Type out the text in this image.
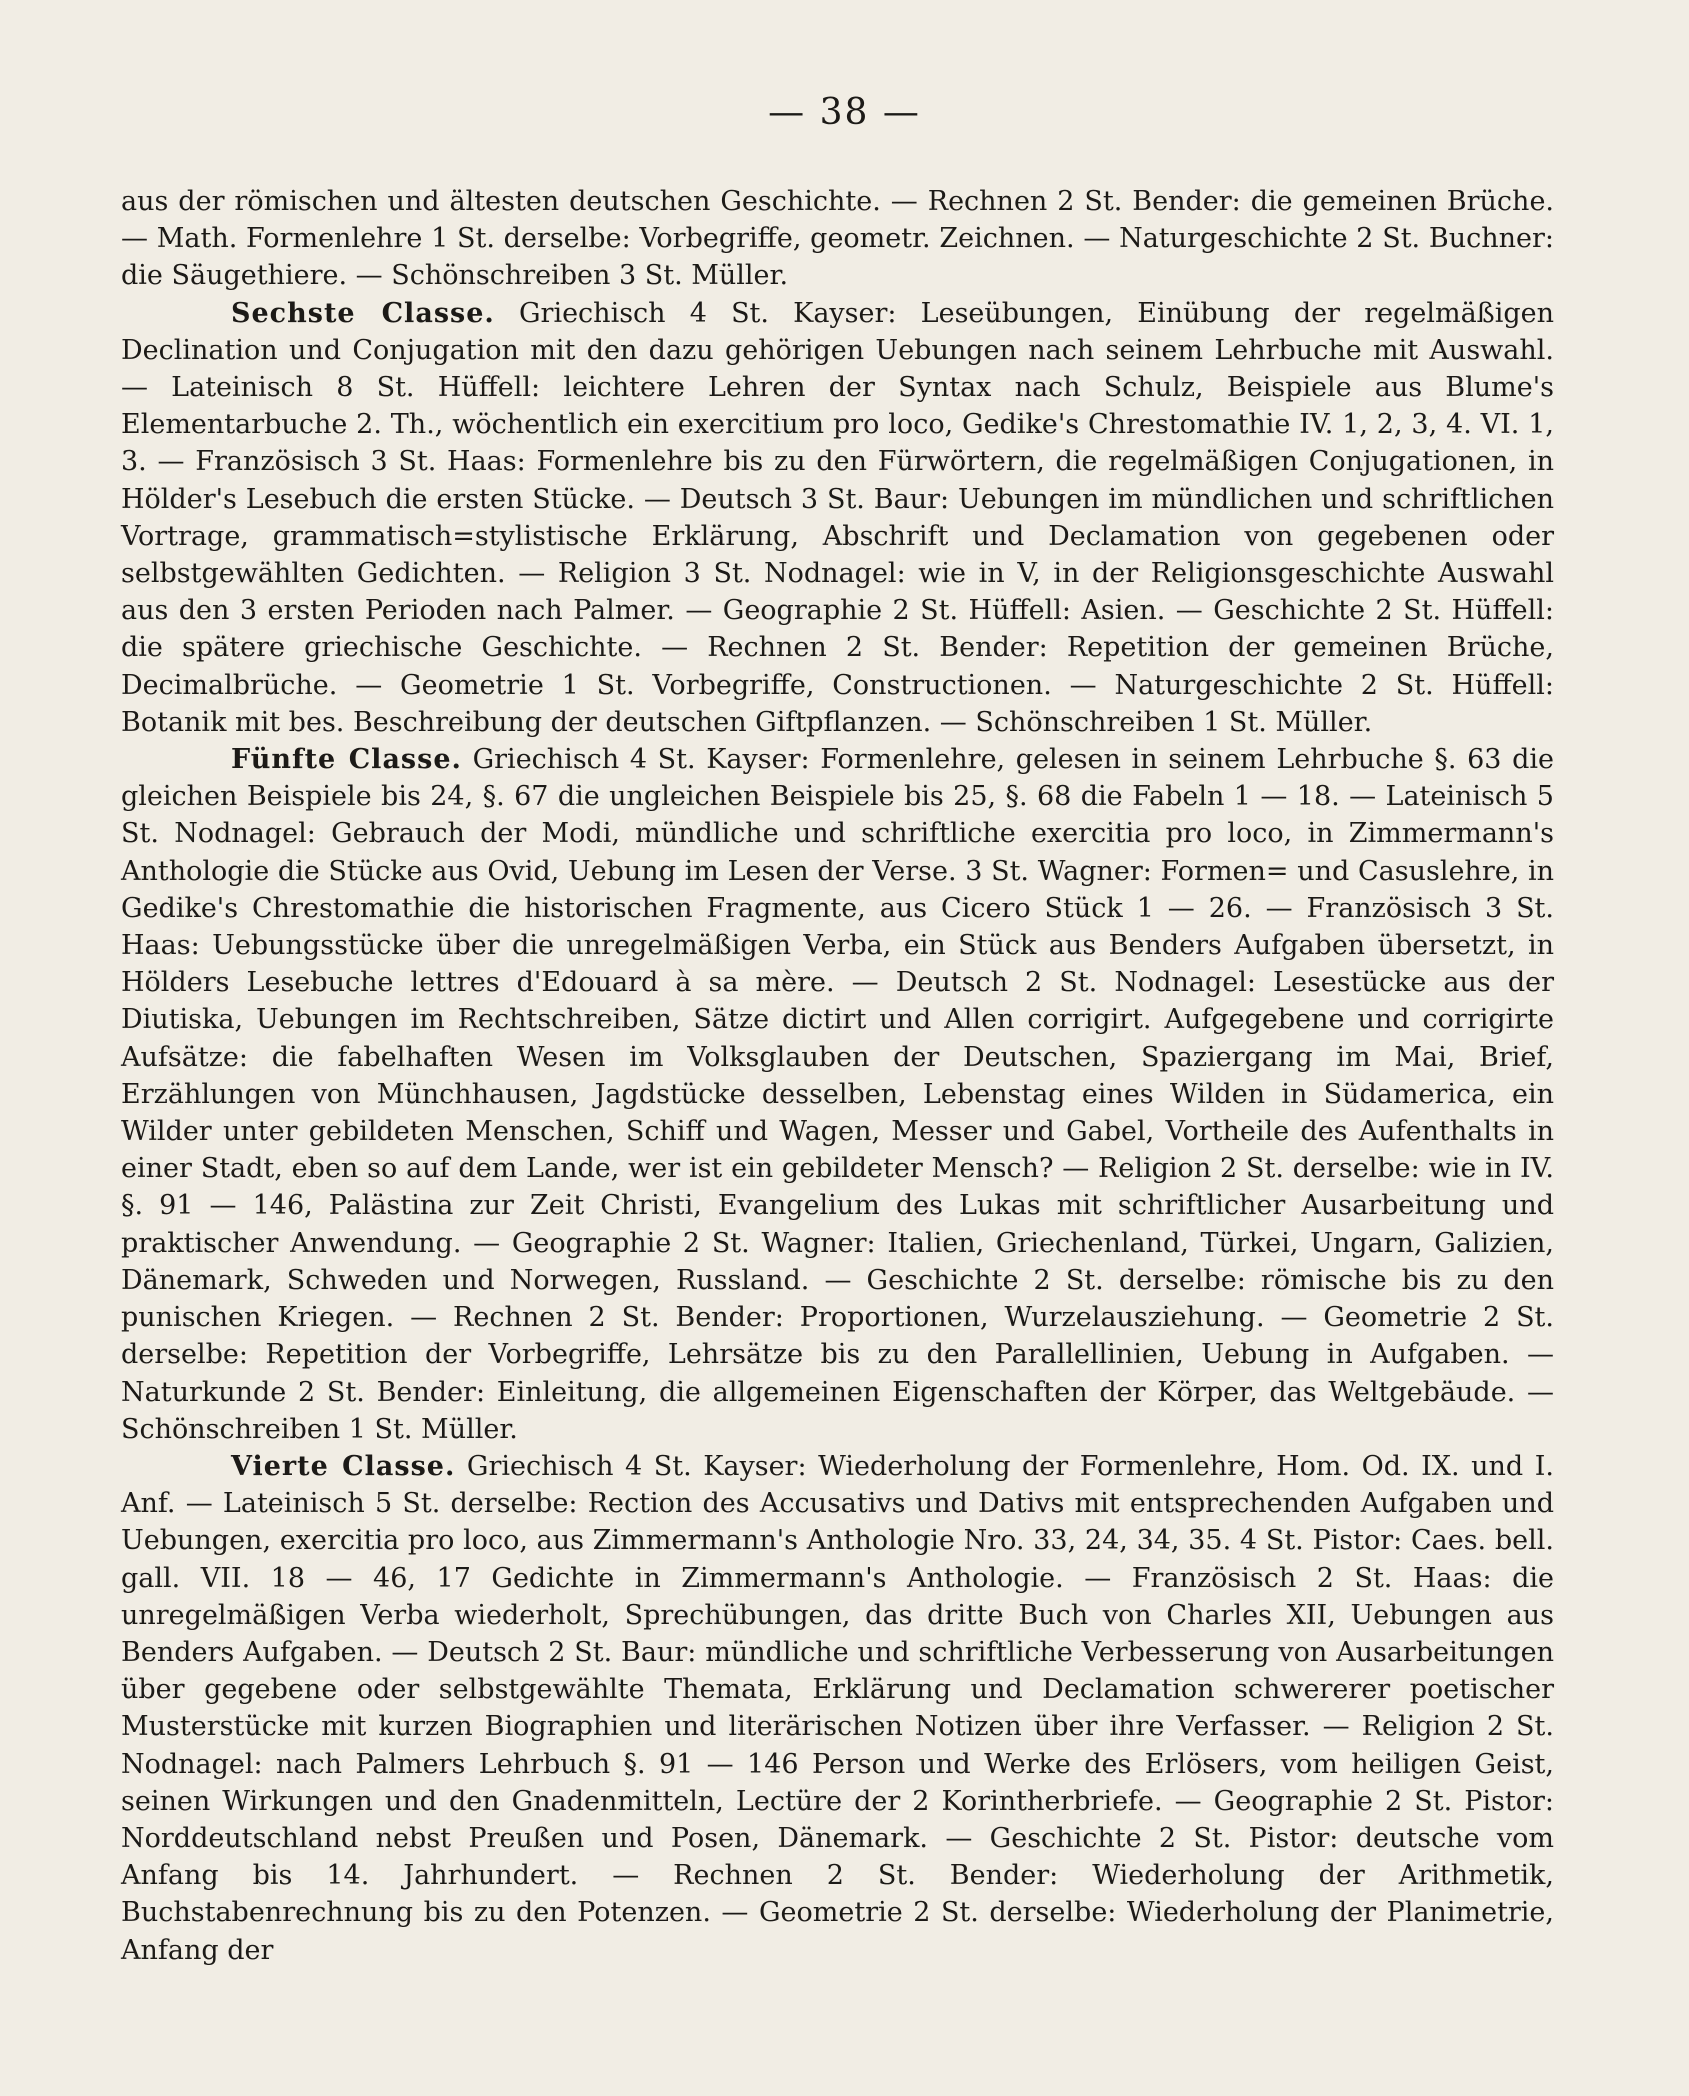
— 38 —

aus der römischen und ältesten deutschen Geschichte. — Rechnen 2 St. Bender: die gemeinen Brüche. — Math. Formenlehre 1 St. derselbe: Vorbegriffe, geometr. Zeichnen. — Naturgeschichte 2 St. Buchner: die Säugethiere. — Schönschreiben 3 St. Müller.

Sechste Classe. Griechisch 4 St. Kayser: Leseübungen, Einübung der regelmäßigen Declination und Conjugation mit den dazu gehörigen Uebungen nach seinem Lehrbuche mit Auswahl. — Lateinisch 8 St. Hüffell: leichtere Lehren der Syntax nach Schulz, Beispiele aus Blume's Elementarbuche 2. Th., wöchentlich ein exercitium pro loco, Gedike's Chrestomathie IV. 1, 2, 3, 4. VI. 1, 3. — Französisch 3 St. Haas: Formenlehre bis zu den Fürwörtern, die regelmäßigen Conjugationen, in Hölder's Lesebuch die ersten Stücke. — Deutsch 3 St. Baur: Uebungen im mündlichen und schriftlichen Vortrage, grammatisch=stylistische Erklärung, Abschrift und Declamation von gegebenen oder selbstgewählten Gedichten. — Religion 3 St. Nodnagel: wie in V, in der Religionsgeschichte Auswahl aus den 3 ersten Perioden nach Palmer. — Geographie 2 St. Hüffell: Asien. — Geschichte 2 St. Hüffell: die spätere griechische Geschichte. — Rechnen 2 St. Bender: Repetition der gemeinen Brüche, Decimalbrüche. — Geometrie 1 St. Vorbegriffe, Constructionen. — Naturgeschichte 2 St. Hüffell: Botanik mit bes. Beschreibung der deutschen Giftpflanzen. — Schönschreiben 1 St. Müller.

Fünfte Classe. Griechisch 4 St. Kayser: Formenlehre, gelesen in seinem Lehrbuche §. 63 die gleichen Beispiele bis 24, §. 67 die ungleichen Beispiele bis 25, §. 68 die Fabeln 1 — 18. — Lateinisch 5 St. Nodnagel: Gebrauch der Modi, mündliche und schriftliche exercitia pro loco, in Zimmermann's Anthologie die Stücke aus Ovid, Uebung im Lesen der Verse. 3 St. Wagner: Formen= und Casuslehre, in Gedike's Chrestomathie die historischen Fragmente, aus Cicero Stück 1 — 26. — Französisch 3 St. Haas: Uebungsstücke über die unregelmäßigen Verba, ein Stück aus Benders Aufgaben übersetzt, in Hölders Lesebuche lettres d'Edouard à sa mère. — Deutsch 2 St. Nodnagel: Lesestücke aus der Diutiska, Uebungen im Rechtschreiben, Sätze dictirt und Allen corrigirt. Aufgegebene und corrigirte Aufsätze: die fabelhaften Wesen im Volksglauben der Deutschen, Spaziergang im Mai, Brief, Erzählungen von Münchhausen, Jagdstücke desselben, Lebenstag eines Wilden in Südamerica, ein Wilder unter gebildeten Menschen, Schiff und Wagen, Messer und Gabel, Vortheile des Aufenthalts in einer Stadt, eben so auf dem Lande, wer ist ein gebildeter Mensch? — Religion 2 St. derselbe: wie in IV. §. 91 — 146, Palästina zur Zeit Christi, Evangelium des Lukas mit schriftlicher Ausarbeitung und praktischer Anwendung. — Geographie 2 St. Wagner: Italien, Griechenland, Türkei, Ungarn, Galizien, Dänemark, Schweden und Norwegen, Russland. — Geschichte 2 St. derselbe: römische bis zu den punischen Kriegen. — Rechnen 2 St. Bender: Proportionen, Wurzelausziehung. — Geometrie 2 St. derselbe: Repetition der Vorbegriffe, Lehrsätze bis zu den Parallellinien, Uebung in Aufgaben. — Naturkunde 2 St. Bender: Einleitung, die allgemeinen Eigenschaften der Körper, das Weltgebäude. — Schönschreiben 1 St. Müller.

Vierte Classe. Griechisch 4 St. Kayser: Wiederholung der Formenlehre, Hom. Od. IX. und I. Anf. — Lateinisch 5 St. derselbe: Rection des Accusativs und Dativs mit entsprechenden Aufgaben und Uebungen, exercitia pro loco, aus Zimmermann's Anthologie Nro. 33, 24, 34, 35. 4 St. Pistor: Caes. bell. gall. VII. 18 — 46, 17 Gedichte in Zimmermann's Anthologie. — Französisch 2 St. Haas: die unregelmäßigen Verba wiederholt, Sprechübungen, das dritte Buch von Charles XII, Uebungen aus Benders Aufgaben. — Deutsch 2 St. Baur: mündliche und schriftliche Verbesserung von Ausarbeitungen über gegebene oder selbstgewählte Themata, Erklärung und Declamation schwererer poetischer Musterstücke mit kurzen Biographien und literärischen Notizen über ihre Verfasser. — Religion 2 St. Nodnagel: nach Palmers Lehrbuch §. 91 — 146 Person und Werke des Erlösers, vom heiligen Geist, seinen Wirkungen und den Gnadenmitteln, Lectüre der 2 Korintherbriefe. — Geographie 2 St. Pistor: Norddeutschland nebst Preußen und Posen, Dänemark. — Geschichte 2 St. Pistor: deutsche vom Anfang bis 14. Jahrhundert. — Rechnen 2 St. Bender: Wiederholung der Arithmetik, Buchstabenrechnung bis zu den Potenzen. — Geometrie 2 St. derselbe: Wiederholung der Planimetrie, Anfang der
